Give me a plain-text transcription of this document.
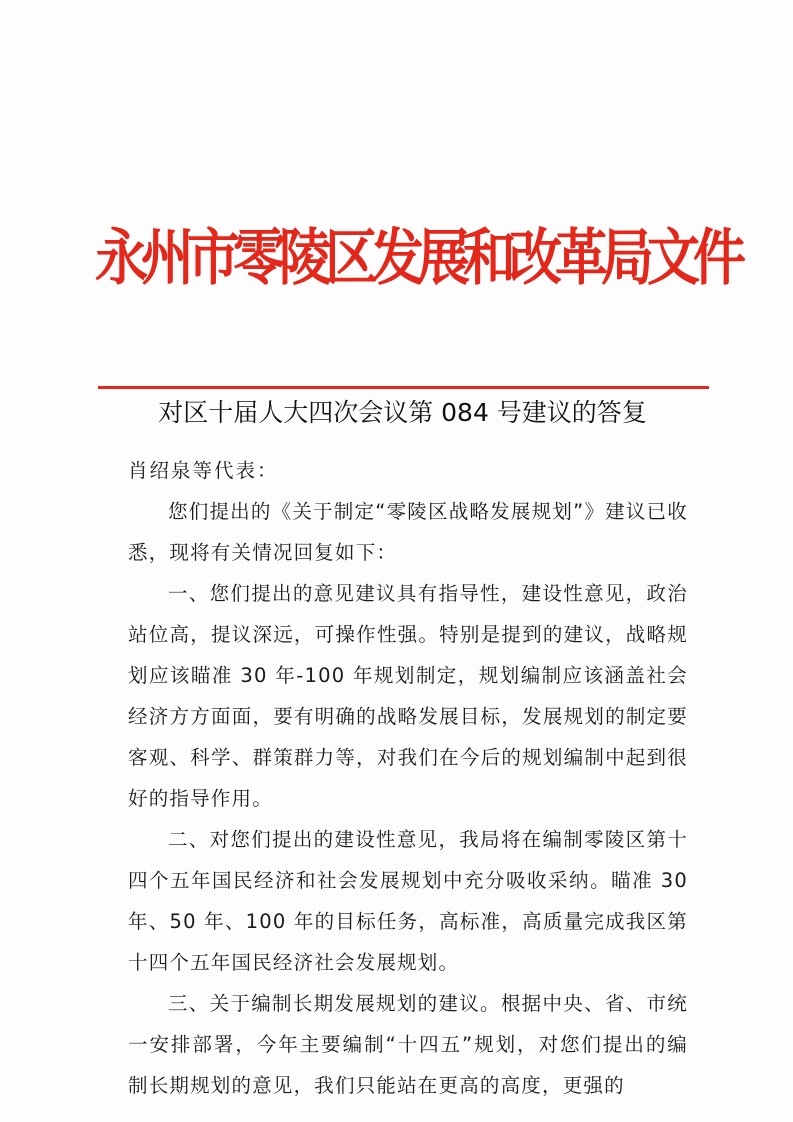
永州市零陵区发展和改革局文件
对区十届人大四次会议第 084 号建议的答复

肖绍泉等代表：

您们提出的《关于制定“零陵区战略发展规划”》建议已收悉，现将有关情况回复如下：

一、您们提出的意见建议具有指导性，建设性意见，政治站位高，提议深远，可操作性强。特别是提到的建议，战略规划应该瞄准 30 年-100 年规划制定，规划编制应该涵盖社会经济方方面面，要有明确的战略发展目标，发展规划的制定要客观、科学、群策群力等，对我们在今后的规划编制中起到很好的指导作用。

二、对您们提出的建设性意见，我局将在编制零陵区第十四个五年国民经济和社会发展规划中充分吸收采纳。瞄准 30 年、50 年、100 年的目标任务，高标准，高质量完成我区第十四个五年国民经济社会发展规划。

三、关于编制长期发展规划的建议。根据中央、省、市统一安排部署，今年主要编制“十四五”规划，对您们提出的编制长期规划的意见，我们只能站在更高的高度，更强的
